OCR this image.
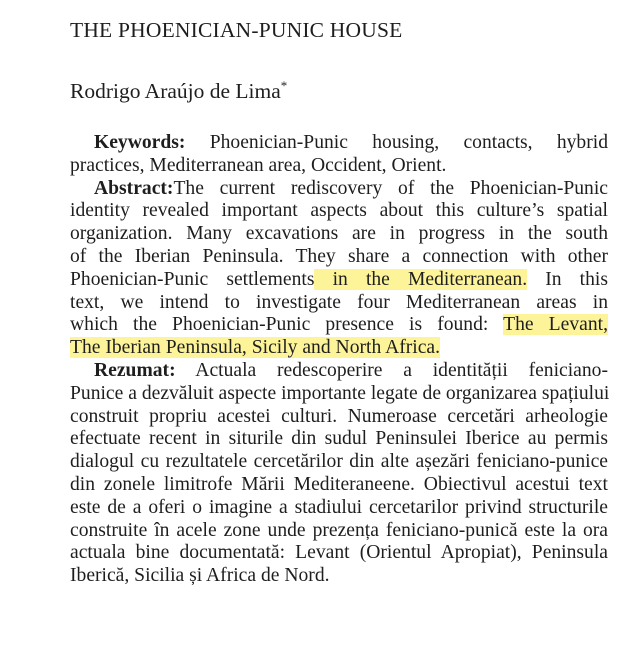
THE PHOENICIAN-PUNIC HOUSE
Rodrigo Araújo de Lima*
Keywords: Phoenician-Punic housing, contacts, hybrid
practices, Mediterranean area, Occident, Orient.
Abstract:The current rediscovery of the Phoenician-Punic
identity revealed important aspects about this culture’s spatial
organization. Many excavations are in progress in the south
of the Iberian Peninsula. They share a connection with other
Phoenician-Punic settlements in the Mediterranean. In this
text, we intend to investigate four Mediterranean areas in
which the Phoenician-Punic presence is found: The Levant,
The Iberian Peninsula, Sicily and North Africa.
Rezumat: Actuala redescoperire a identității feniciano-
Punice a dezvăluit aspecte importante legate de organizarea spațiului
construit propriu acestei culturi. Numeroase cercetări arheologie
efectuate recent in siturile din sudul Peninsulei Iberice au permis
dialogul cu rezultatele cercetărilor din alte așezări feniciano-punice
din zonele limitrofe Mării Mediteraneene. Obiectivul acestui text
este de a oferi o imagine a stadiului cercetarilor privind structurile
construite în acele zone unde prezența feniciano-punică este la ora
actuala bine documentată: Levant (Orientul Apropiat), Peninsula
Iberică, Sicilia și Africa de Nord.
